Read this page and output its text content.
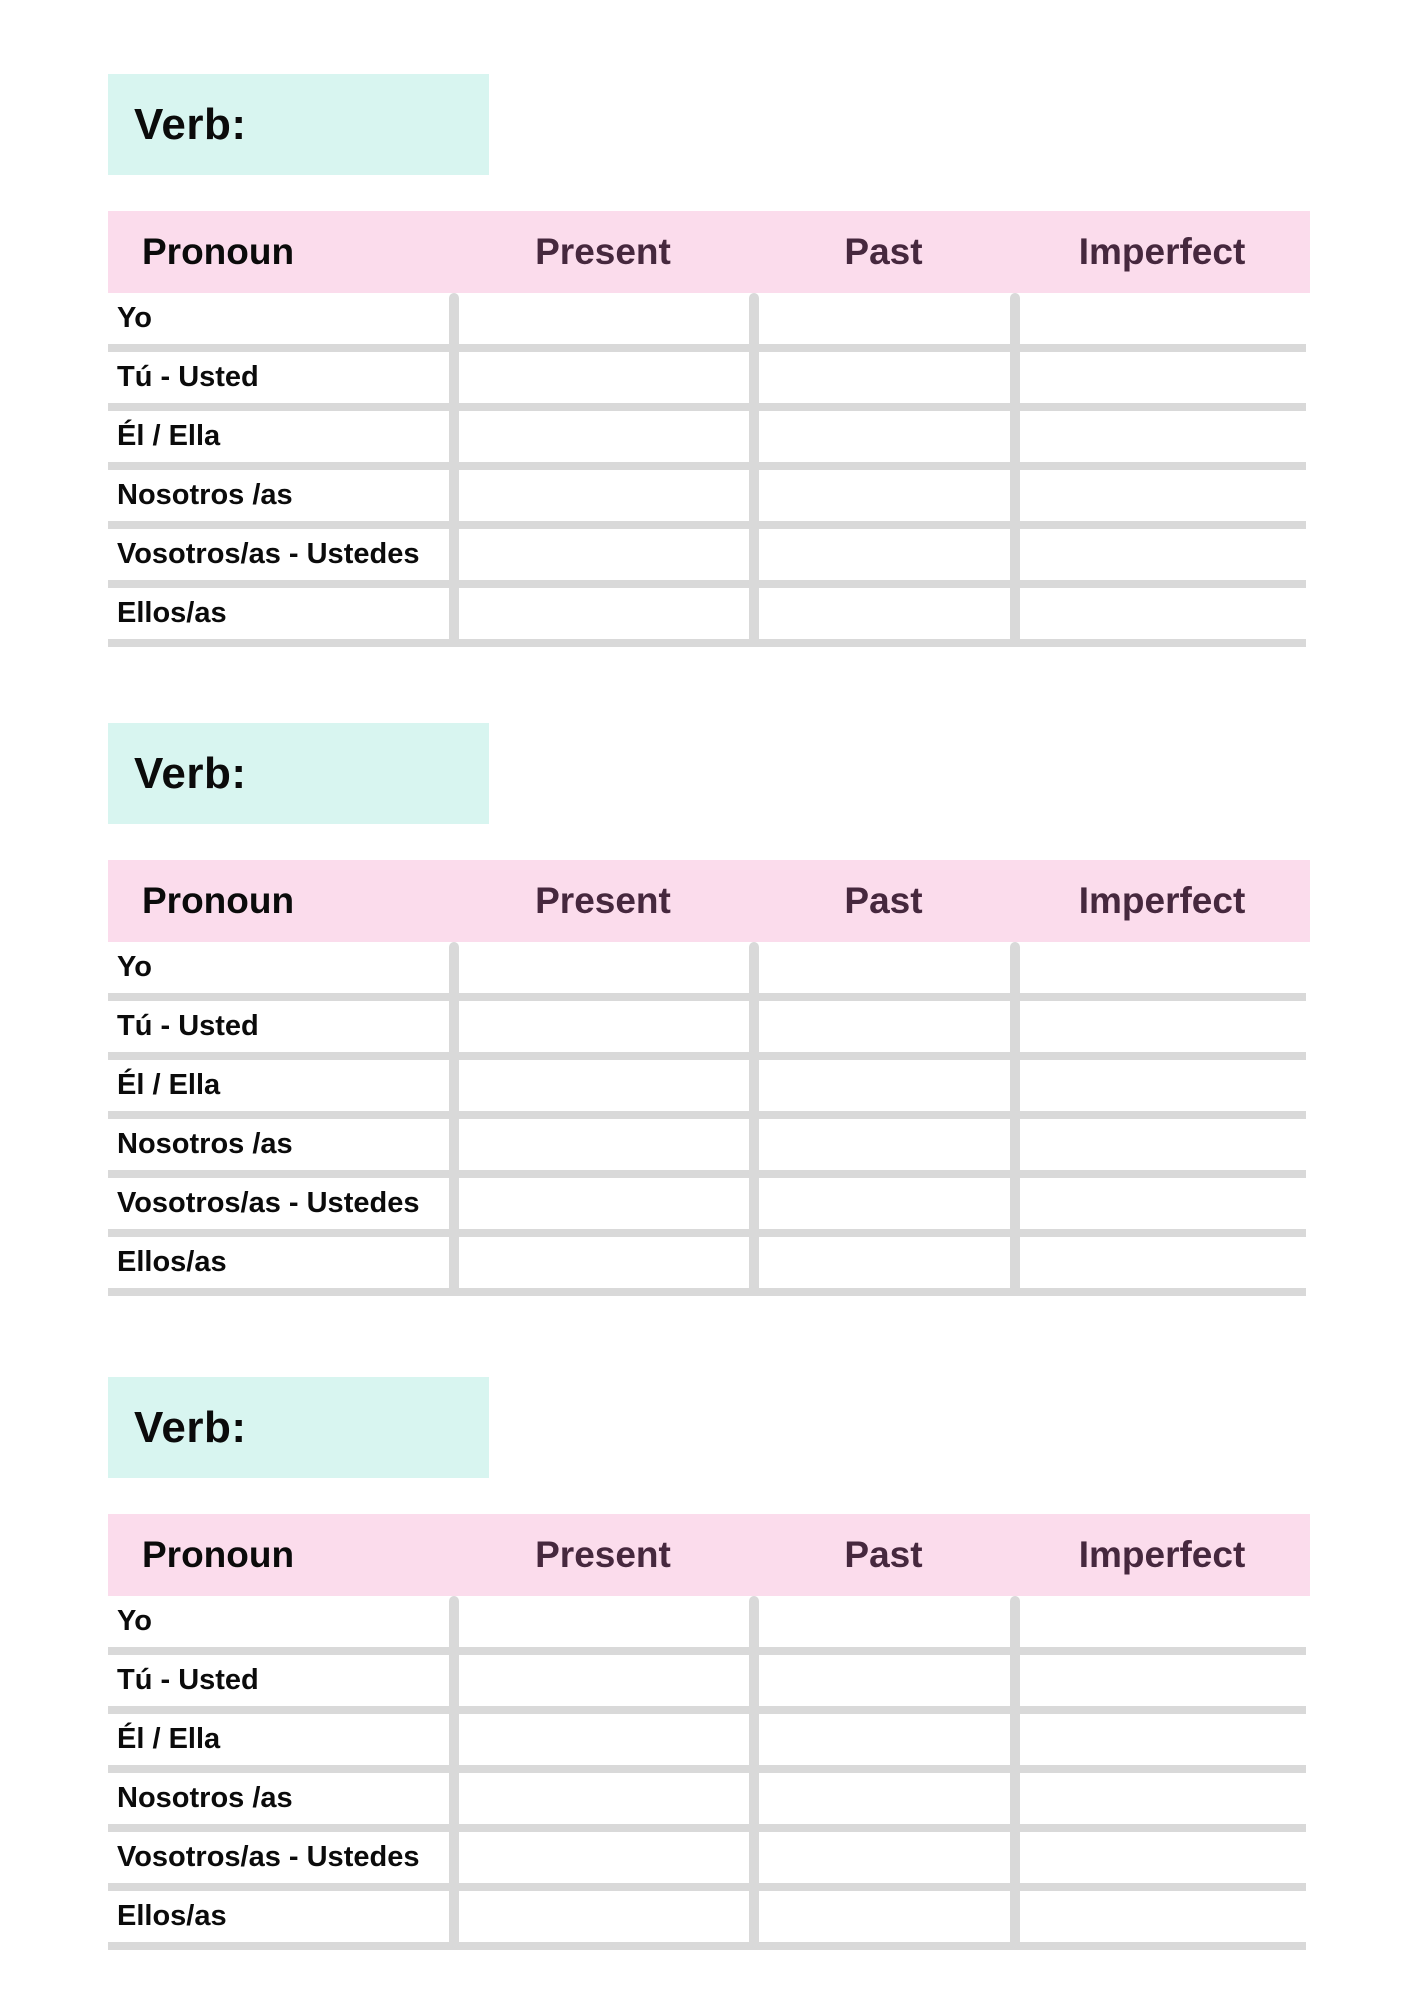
Verb:
Pronoun	Present	Past	Imperfect
Yo
Tú - Usted
Él / Ella
Nosotros /as
Vosotros/as - Ustedes
Ellos/as
Verb:
Pronoun	Present	Past	Imperfect
Yo
Tú - Usted
Él / Ella
Nosotros /as
Vosotros/as - Ustedes
Ellos/as
Verb:
Pronoun	Present	Past	Imperfect
Yo
Tú - Usted
Él / Ella
Nosotros /as
Vosotros/as - Ustedes
Ellos/as
